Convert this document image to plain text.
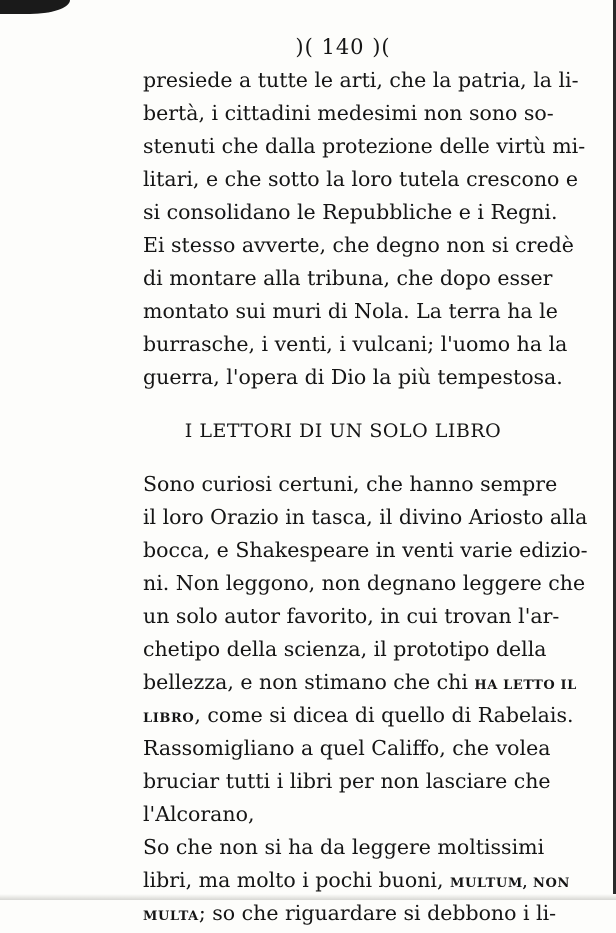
)( 140 )(
presiede a tutte le arti, che la patria, la li-
bertà, i cittadini medesimi non sono so-
stenuti che dalla protezione delle virtù mi-
litari, e che sotto la loro tutela crescono e
si consolidano le Repubbliche e i Regni.
Ei stesso avverte, che degno non si credè
di montare alla tribuna, che dopo esser
montato sui muri di Nola. La terra ha le
burrasche, i venti, i vulcani; l'uomo ha la
guerra, l'opera di Dio la più tempestosa.
I LETTORI DI UN SOLO LIBRO
Sono curiosi certuni, che hanno sempre
il loro Orazio in tasca, il divino Ariosto alla
bocca, e Shakespeare in venti varie edizio-
ni. Non leggono, non degnano leggere che
un solo autor favorito, in cui trovan l'ar-
chetipo della scienza, il prototipo della
bellezza, e non stimano che chi HA LETTO IL
LIBRO, come si dicea di quello di Rabelais.
Rassomigliano a quel Califfo, che volea
bruciar tutti i libri per non lasciare che
l'Alcorano,
So che non si ha da leggere moltissimi
libri, ma molto i pochi buoni, MULTUM, NON
MULTA; so che riguardare si debbono i li-
